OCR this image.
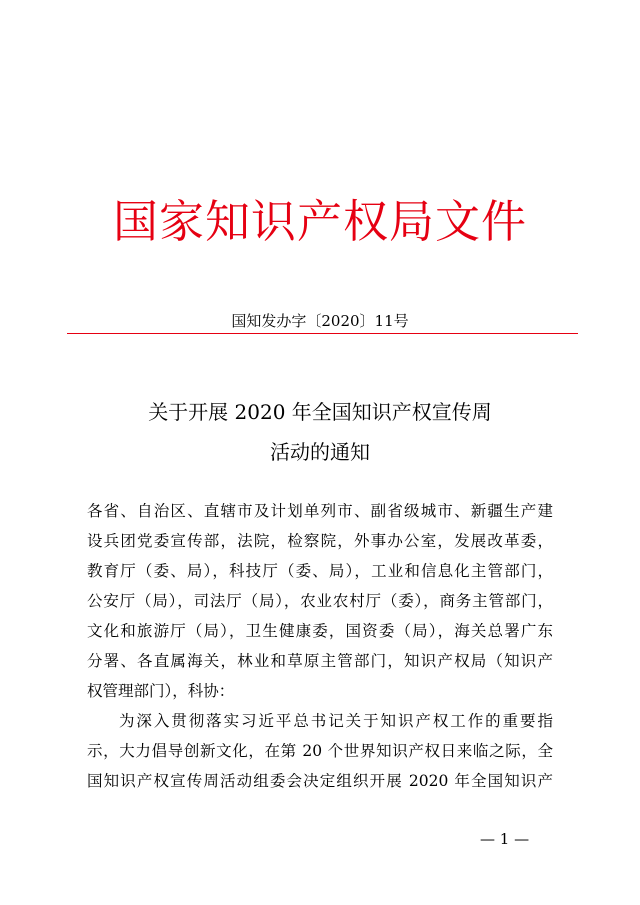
国家知识产权局文件
国知发办字〔2020〕11号
关于开展 2020 年全国知识产权宣传周
活动的通知
各省、自治区、直辖市及计划单列市、副省级城市、新疆生产建
设兵团党委宣传部，法院，检察院，外事办公室，发展改革委，
教育厅（委、局），科技厅（委、局），工业和信息化主管部门，
公安厅（局），司法厅（局），农业农村厅（委），商务主管部门，
文化和旅游厅（局），卫生健康委，国资委（局），海关总署广东
分署、各直属海关，林业和草原主管部门，知识产权局（知识产
权管理部门），科协：
为深入贯彻落实习近平总书记关于知识产权工作的重要指
示，大力倡导创新文化，在第 20 个世界知识产权日来临之际，全
国知识产权宣传周活动组委会决定组织开展 2020 年全国知识产
— 1 —
